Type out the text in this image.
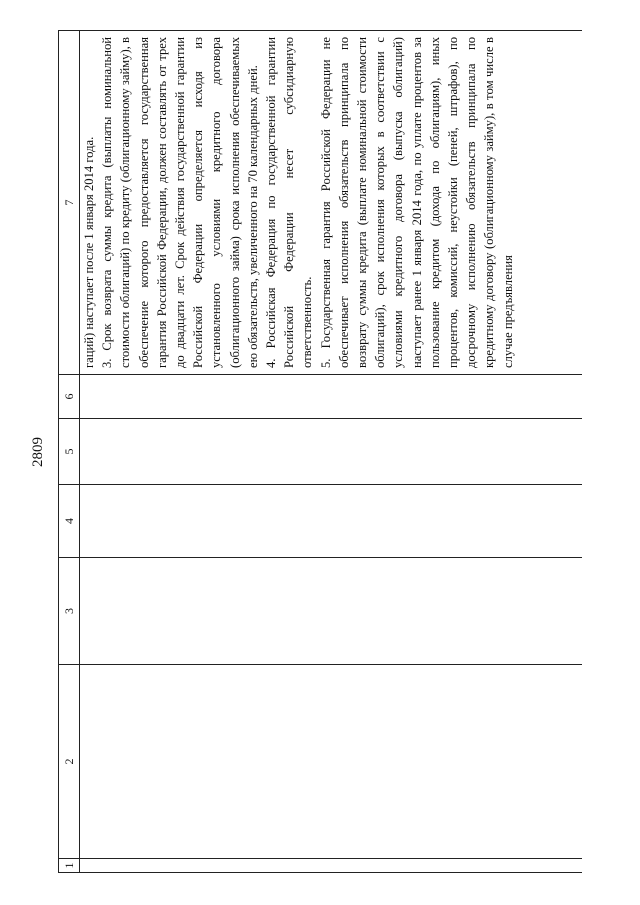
2809
1	2	3	4	5	6	7

						гаций) наступает после 1 января 2014 года. 3. Срок возврата суммы кредита (выплаты номинальной стоимости облигаций) по кредиту (облигационному займу), в обеспечение которого предоставляется государственная гарантия Российской Федерации, должен составлять от трех до двадцати лет. Срок действия государственной гарантии Российской Федерации определяется исходя из установленного условиями кредитного договора (облигационного займа) срока исполнения обеспечиваемых ею обязательств, увеличенного на 70 календарных дней. 4. Российская Федерация по государственной гарантии Российской Федерации несет субсидиарную ответственность. 5. Государственная гарантия Российской Федерации не обеспечивает исполнения обязательств принципала по возврату суммы кредита (выплате номинальной стоимости облигаций), срок исполнения которых в соответствии с условиями кредитного договора (выпуска облигаций) наступает ранее 1 января 2014 года, по уплате процентов за пользование кредитом (дохода по облигациям), иных процентов, комиссий, неустойки (пеней, штрафов), по досрочному исполнению обязательств принципала по кредитному договору (облигационному займу), в том числе в случае предъявления
